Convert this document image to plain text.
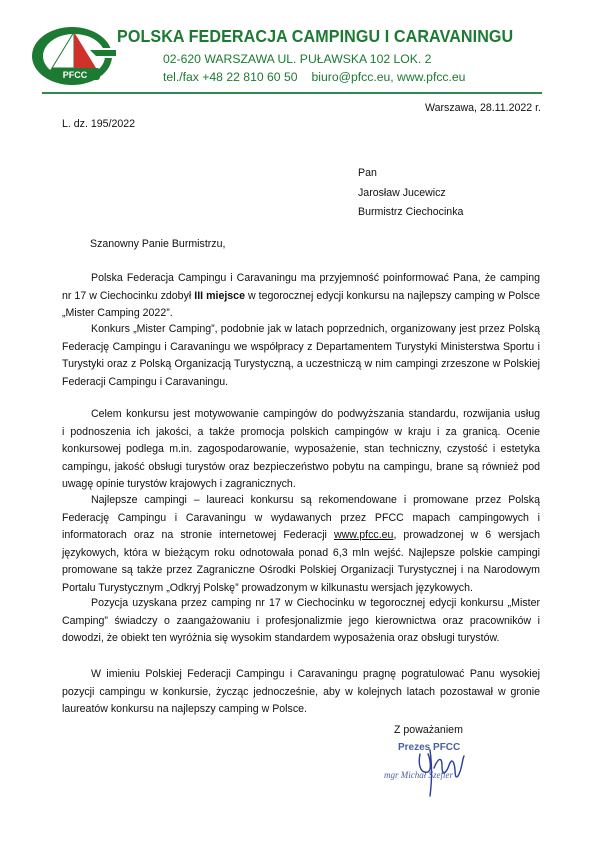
PFCC
POLSKA FEDERACJA CAMPINGU I CARAVANINGU
02-620 WARSZAWA UL. PUŁAWSKA 102 LOK. 2
tel./fax +48 22 810 60 50 biuro@pfcc.eu, www.pfcc.eu
Warszawa, 28.11.2022 r.
L. dz. 195/2022
Pan
Jarosław Jucewicz
Burmistrz Ciechocinka
Szanowny Panie Burmistrzu,

Polska Federacja Campingu i Caravaningu ma przyjemność poinformować Pana, że camping nr 17 w Ciechocinku zdobył III miejsce w tegorocznej edycji konkursu na najlepszy camping w Polsce „Mister Camping 2022”.

Konkurs „Mister Camping”, podobnie jak w latach poprzednich, organizowany jest przez Polską Federację Campingu i Caravaningu we współpracy z Departamentem Turystyki Ministerstwa Sportu i Turystyki oraz z Polską Organizacją Turystyczną, a uczestniczą w nim campingi zrzeszone w Polskiej Federacji Campingu i Caravaningu.

Celem konkursu jest motywowanie campingów do podwyższania standardu, rozwijania usług    i podnoszenia ich jakości, a także promocja polskich campingów w kraju i za granicą. Ocenie konkursowej podlega m.in. zagospodarowanie, wyposażenie, stan techniczny, czystość i estetyka campingu, jakość obsługi turystów oraz bezpieczeństwo pobytu na campingu, brane są również pod uwagę opinie turystów krajowych i zagranicznych.

Najlepsze campingi – laureaci konkursu są rekomendowane i promowane przez Polską Federację Campingu i Caravaningu w wydawanych przez PFCC mapach campingowych i informatorach oraz na stronie internetowej Federacji www.pfcc.eu, prowadzonej w 6 wersjach językowych, która w bieżącym roku odnotowała ponad 6,3 mln wejść. Najlepsze polskie campingi promowane są także przez Zagraniczne Ośrodki Polskiej Organizacji Turystycznej i na Narodowym Portalu Turystycznym „Odkryj Polskę” prowadzonym w kilkunastu wersjach językowych.

Pozycja uzyskana przez camping nr 17 w Ciechocinku w tegorocznej edycji konkursu „Mister Camping” świadczy o zaangażowaniu i profesjonalizmie jego kierownictwa oraz pracowników i dowodzi, że obiekt ten wyróżnia się wysokim standardem wyposażenia oraz obsługi turystów.

W imieniu Polskiej Federacji Campingu i Caravaningu pragnę pogratulować Panu wysokiej pozycji campingu w konkursie, życząc jednocześnie, aby w kolejnych latach pozostawał w gronie laureatów konkursu na najlepszy camping w Polsce.

Z poważaniem
Prezes PFCC
mgr Michał Szefler
